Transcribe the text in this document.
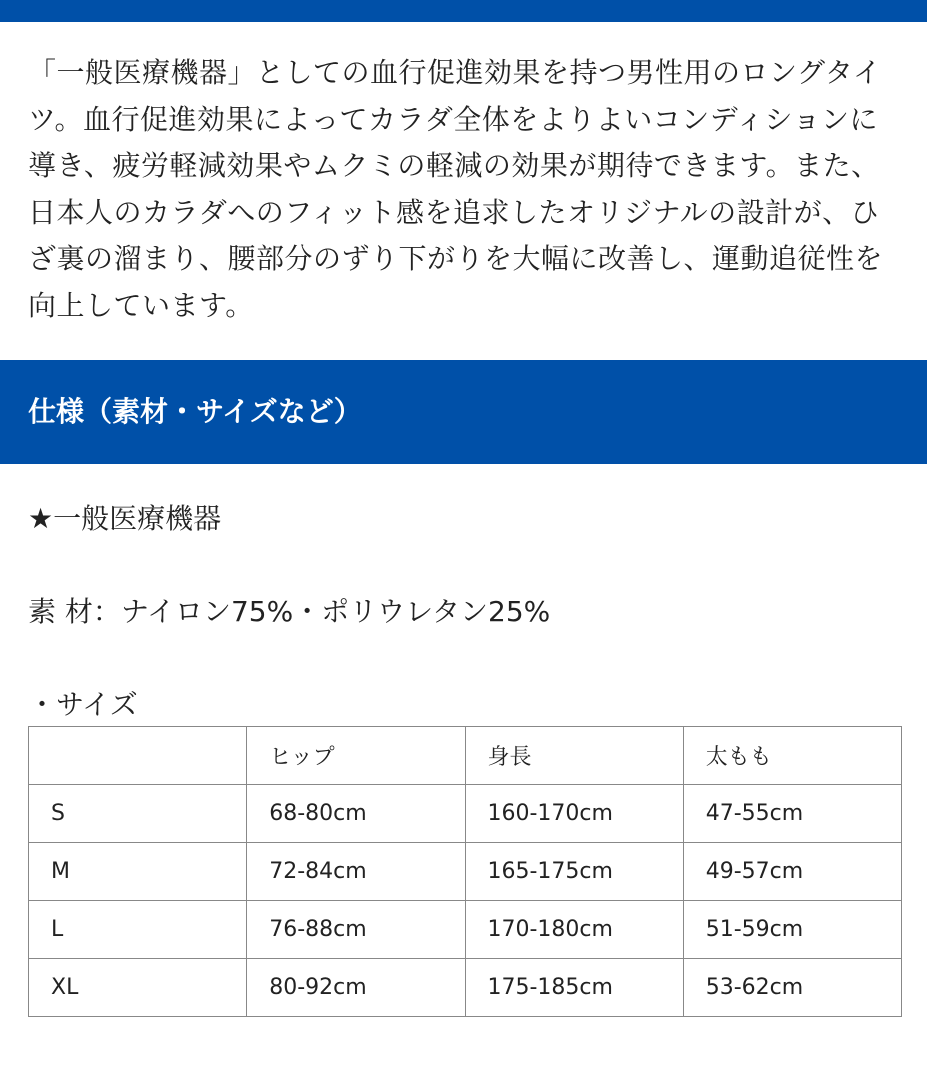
「一般医療機器」としての血行促進効果を持つ男性用のロングタイツ。血行促進効果によってカラダ全体をよりよいコンディションに導き、疲労軽減効果やムクミの軽減の効果が期待できます。また、日本人のカラダへのフィット感を追求したオリジナルの設計が、ひざ裏の溜まり、腰部分のずり下がりを大幅に改善し、運動追従性を向上しています。

仕様（素材・サイズなど）

★一般医療機器

素 材：ナイロン75%・ポリウレタン25%

・サイズ

	ヒップ	身長	太もも
S	68-80cm	160-170cm	47-55cm
M	72-84cm	165-175cm	49-57cm
L	76-88cm	170-180cm	51-59cm
XL	80-92cm	175-185cm	53-62cm
